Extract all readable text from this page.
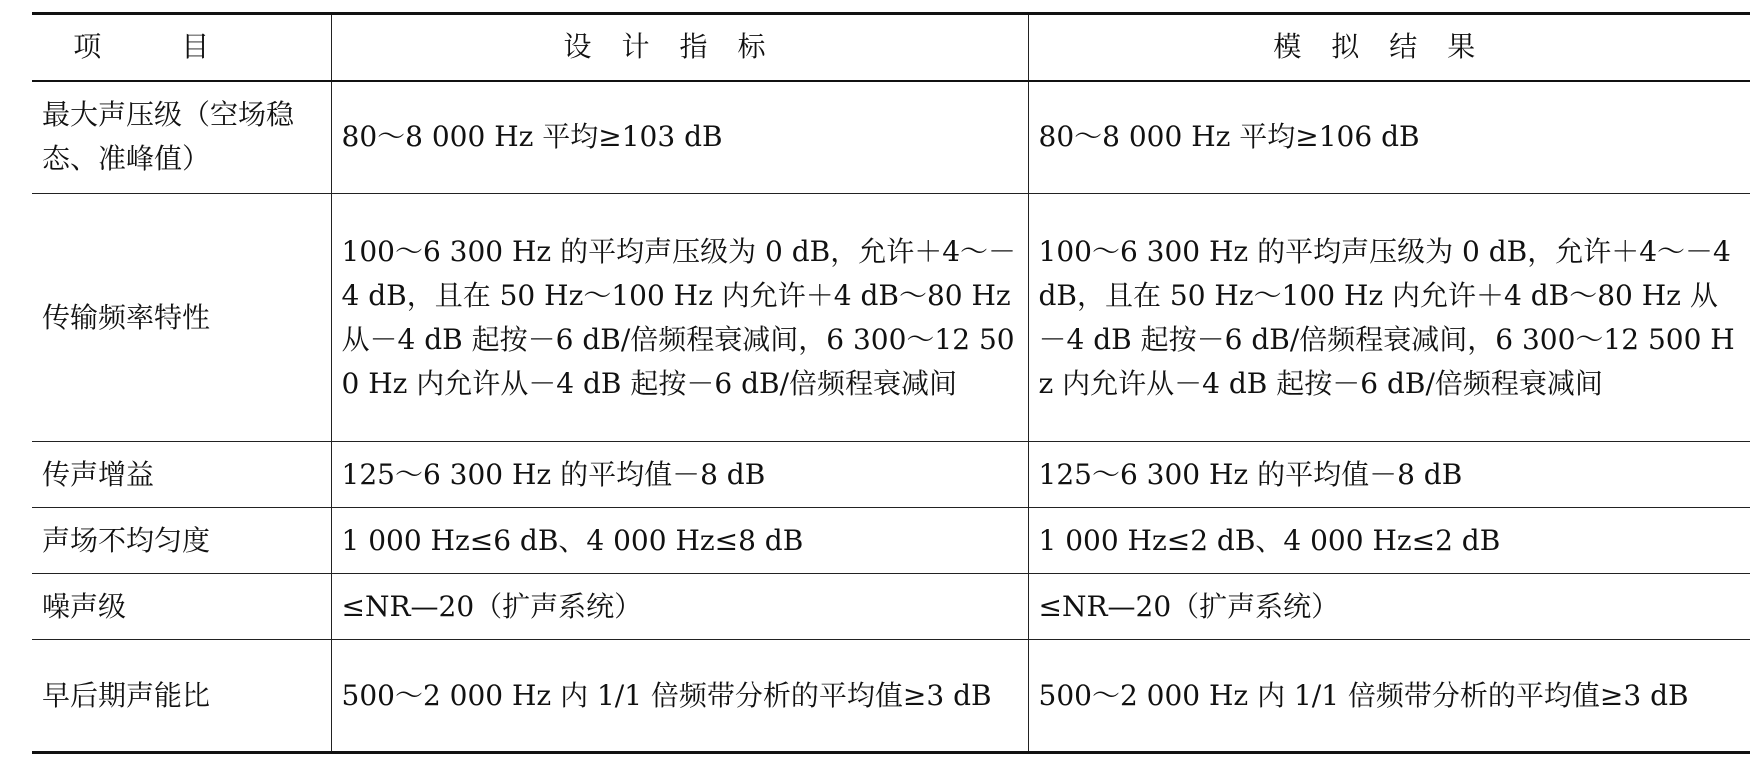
项目	设计指标	模拟结果
最大声压级（空场稳态、准峰值）	80～8 000 Hz 平均≥103 dB	80～8 000 Hz 平均≥106 dB
传输频率特性	100～6 300 Hz 的平均声压级为 0 dB，允许＋4～－4 dB，且在 50 Hz～100 Hz 内允许＋4 dB～80 Hz 从－4 dB 起按－6 dB/倍频程衰减间，6 300～12 500 Hz 内允许从－4 dB 起按－6 dB/倍频程衰减间	100～6 300 Hz 的平均声压级为 0 dB，允许＋4～－4 dB，且在 50 Hz～100 Hz 内允许＋4 dB～80 Hz 从－4 dB 起按－6 dB/倍频程衰减间，6 300～12 500 Hz 内允许从－4 dB 起按－6 dB/倍频程衰减间
传声增益	125～6 300 Hz 的平均值－8 dB	125～6 300 Hz 的平均值－8 dB
声场不均匀度	1 000 Hz≤6 dB、4 000 Hz≤8 dB	1 000 Hz≤2 dB、4 000 Hz≤2 dB
噪声级	≤NR—20（扩声系统）	≤NR—20（扩声系统）
早后期声能比	500～2 000 Hz 内 1/1 倍频带分析的平均值≥3 dB	500～2 000 Hz 内 1/1 倍频带分析的平均值≥3 dB
